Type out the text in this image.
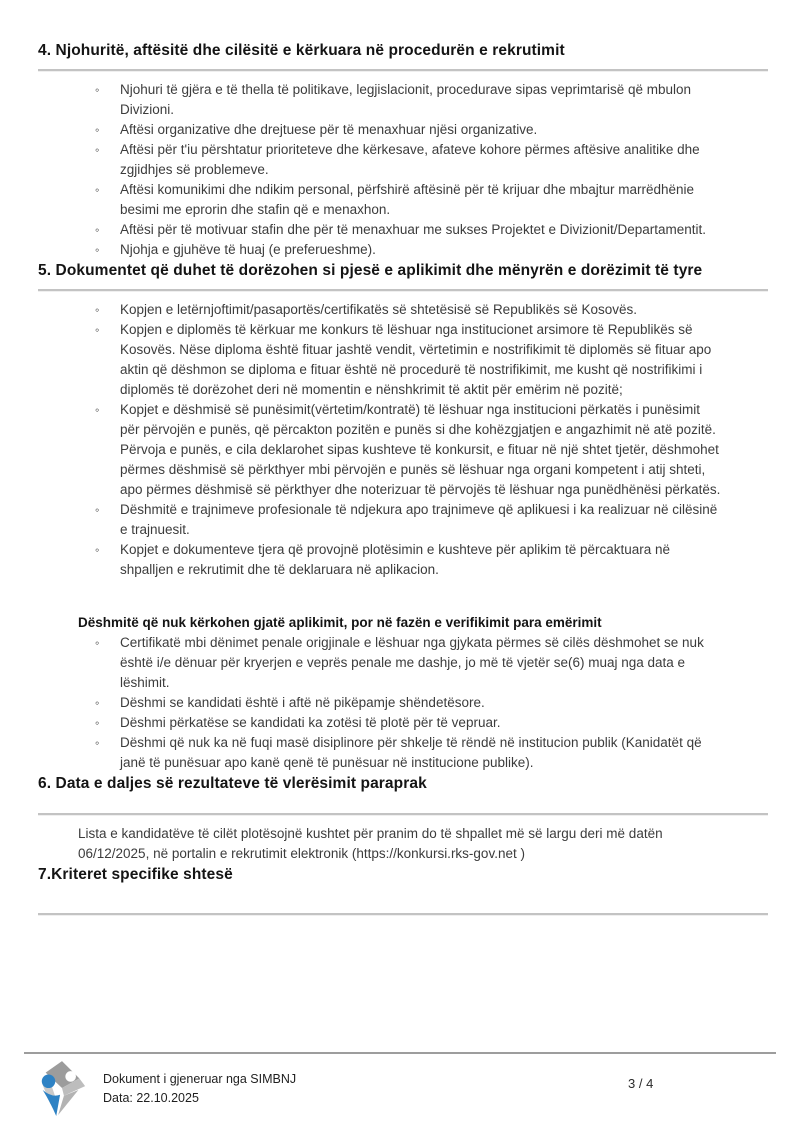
4. Njohuritë, aftësitë dhe cilësitë e kërkuara në procedurën e rekrutimit
◦	Njohuri të gjëra e të thella të politikave, legjislacionit, procedurave sipas veprimtarisë që mbulon Divizioni.
◦	Aftësi organizative dhe drejtuese për të menaxhuar njësi organizative.
◦	Aftësi për t'iu përshtatur prioriteteve dhe kërkesave, afateve kohore përmes aftësive analitike dhe zgjidhjes së problemeve.
◦	Aftësi komunikimi dhe ndikim personal, përfshirë aftësinë për të krijuar dhe mbajtur marrëdhënie besimi me eprorin dhe stafin që e menaxhon.
◦	Aftësi për të motivuar stafin dhe për të menaxhuar me sukses Projektet e Divizionit/Departamentit.
◦	Njohja e gjuhëve të huaj (e preferueshme).
5. Dokumentet që duhet të dorëzohen si pjesë e aplikimit dhe mënyrën e dorëzimit të tyre
◦	Kopjen e letërnjoftimit/pasaportës/certifikatës së shtetësisë së Republikës së Kosovës.
◦	Kopjen e diplomës të kërkuar me konkurs të lëshuar nga institucionet arsimore të Republikës së Kosovës. Nëse diploma është fituar jashtë vendit, vërtetimin e nostrifikimit të diplomës së fituar apo aktin që dëshmon se diploma e fituar është në procedurë të nostrifikimit, me kusht që nostrifikimi i diplomës të dorëzohet deri në momentin e nënshkrimit të aktit për emërim në pozitë;
◦	Kopjet e dëshmisë së punësimit(vërtetim/kontratë) të lëshuar nga institucioni përkatës i punësimit për përvojën e punës, që përcakton pozitën e punës si dhe kohëzgjatjen e angazhimit në atë pozitë. Përvoja e punës, e cila deklarohet sipas kushteve të konkursit, e fituar në një shtet tjetër, dëshmohet përmes dëshmisë së përkthyer mbi përvojën e punës së lëshuar nga organi kompetent i atij shteti, apo përmes dëshmisë së përkthyer dhe noterizuar të përvojës të lëshuar nga punëdhënësi përkatës.
◦	Dëshmitë e trajnimeve profesionale të ndjekura apo trajnimeve që aplikuesi i ka realizuar në cilësinë e trajnuesit.
◦	Kopjet e dokumenteve tjera që provojnë plotësimin e kushteve për aplikim të përcaktuara në shpalljen e rekrutimit dhe të deklaruara në aplikacion.
Dëshmitë që nuk kërkohen gjatë aplikimit, por në fazën e verifikimit para emërimit
◦	Certifikatë mbi dënimet penale origjinale e lëshuar nga gjykata përmes së cilës dëshmohet se nuk është i/e dënuar për kryerjen e veprës penale me dashje, jo më të vjetër se(6) muaj nga data e lëshimit.
◦	Dëshmi se kandidati është i aftë në pikëpamje shëndetësore.
◦	Dëshmi përkatëse se kandidati ka zotësi të plotë për të vepruar.
◦	Dëshmi që nuk ka në fuqi masë disiplinore për shkelje të rëndë në institucion publik (Kanidatët që janë të punësuar apo kanë qenë të punësuar në institucione publike).
6. Data e daljes së rezultateve të vlerësimit paraprak

Lista e kandidatëve të cilët plotësojnë kushtet për pranim do të shpallet më së largu deri më datën 06/12/2025, në portalin e rekrutimit elektronik (https://konkursi.rks-gov.net )

7.Kriteret specifike shtesë
Dokument i gjeneruar nga SIMBNJ
Data: 22.10.2025
3 / 4
